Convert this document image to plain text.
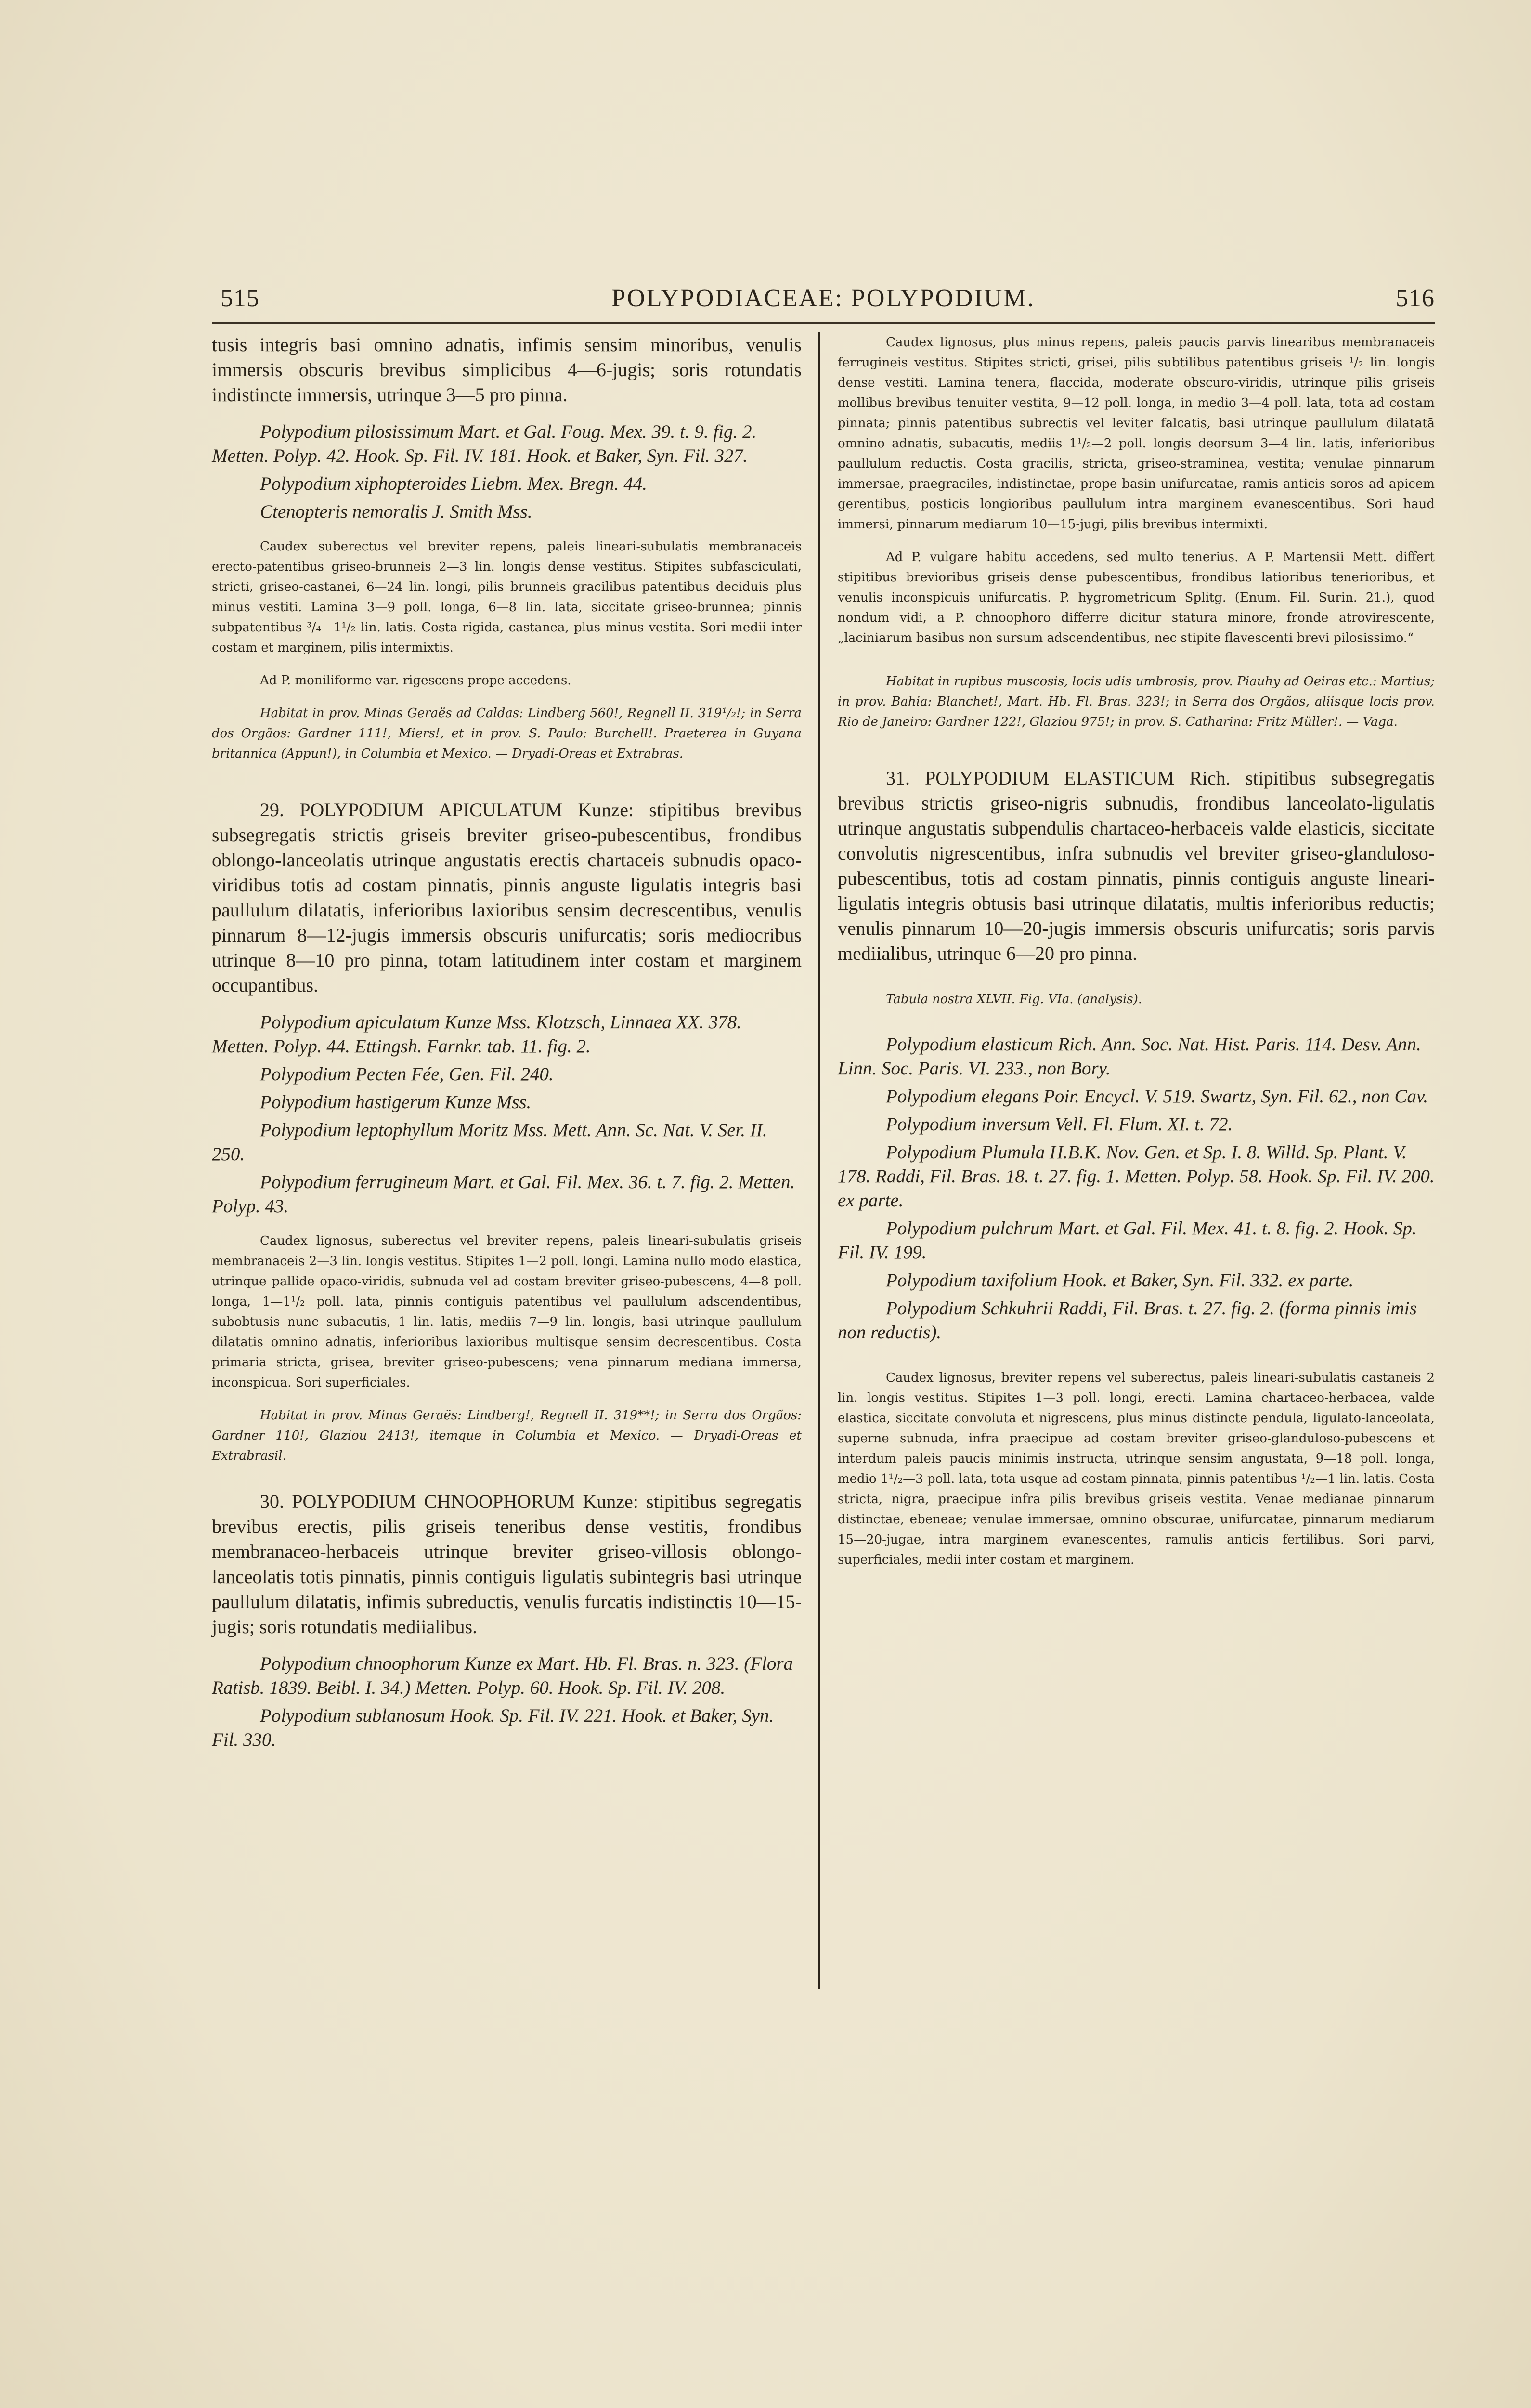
515	POLYPODIACEAE: POLYPODIUM.	516

tusis integris basi omnino adnatis, infimis sensim minoribus, venulis immersis obscuris brevibus simplicibus 4—6-jugis; soris rotundatis indistincte immersis, utrinque 3—5 pro pinna.

Polypodium pilosissimum Mart. et Gal. Foug. Mex. 39. t. 9. fig. 2. Metten. Polyp. 42. Hook. Sp. Fil. IV. 181. Hook. et Baker, Syn. Fil. 327.

Polypodium xiphopteroides Liebm. Mex. Bregn. 44.

Ctenopteris nemoralis J. Smith Mss.

Caudex suberectus vel breviter repens, paleis lineari-subulatis membranaceis erecto-patentibus griseo-brunneis 2—3 lin. longis dense vestitus. Stipites subfasciculati, stricti, griseo-castanei, 6—24 lin. longi, pilis brunneis gracilibus patentibus deciduis plus minus vestiti. Lamina 3—9 poll. longa, 6—8 lin. lata, siccitate griseo-brunnea; pinnis subpatentibus ³/₄—1¹/₂ lin. latis. Costa rigida, castanea, plus minus vestita. Sori medii inter costam et marginem, pilis intermixtis.

Ad P. moniliforme var. rigescens prope accedens.

Habitat in prov. Minas Geraës ad Caldas: Lindberg 560!, Regnell II. 319¹/₂!; in Serra dos Orgãos: Gardner 111!, Miers!, et in prov. S. Paulo: Burchell!. Praeterea in Guyana britannica (Appun!), in Columbia et Mexico. — Dryadi-Oreas et Extrabras.

29. POLYPODIUM APICULATUM Kunze: stipitibus brevibus subsegregatis strictis griseis breviter griseo-pubescentibus, frondibus oblongo-lanceolatis utrinque angustatis erectis chartaceis subnudis opaco-viridibus totis ad costam pinnatis, pinnis anguste ligulatis integris basi paullulum dilatatis, inferioribus laxioribus sensim decrescentibus, venulis pinnarum 8—12-jugis immersis obscuris unifurcatis; soris mediocribus utrinque 8—10 pro pinna, totam latitudinem inter costam et marginem occupantibus.

Polypodium apiculatum Kunze Mss. Klotzsch, Linnaea XX. 378. Metten. Polyp. 44. Ettingsh. Farnkr. tab. 11. fig. 2.

Polypodium Pecten Fée, Gen. Fil. 240.

Polypodium hastigerum Kunze Mss.

Polypodium leptophyllum Moritz Mss. Mett. Ann. Sc. Nat. V. Ser. II. 250.

Polypodium ferrugineum Mart. et Gal. Fil. Mex. 36. t. 7. fig. 2. Metten. Polyp. 43.

Caudex lignosus, suberectus vel breviter repens, paleis lineari-subulatis griseis membranaceis 2—3 lin. longis vestitus. Stipites 1—2 poll. longi. Lamina nullo modo elastica, utrinque pallide opaco-viridis, subnuda vel ad costam breviter griseo-pubescens, 4—8 poll. longa, 1—1¹/₂ poll. lata, pinnis contiguis patentibus vel paullulum adscendentibus, subobtusis nunc subacutis, 1 lin. latis, mediis 7—9 lin. longis, basi utrinque paullulum dilatatis omnino adnatis, inferioribus laxioribus multisque sensim decrescentibus. Costa primaria stricta, grisea, breviter griseo-pubescens; vena pinnarum mediana immersa, inconspicua. Sori superficiales.

Habitat in prov. Minas Geraës: Lindberg!, Regnell II. 319**!; in Serra dos Orgãos: Gardner 110!, Glaziou 2413!, itemque in Columbia et Mexico. — Dryadi-Oreas et Extrabrasil.

30. POLYPODIUM CHNOOPHORUM Kunze: stipitibus segregatis brevibus erectis, pilis griseis teneribus dense vestitis, frondibus membranaceo-herbaceis utrinque breviter griseo-villosis oblongo-lanceolatis totis pinnatis, pinnis contiguis ligulatis subintegris basi utrinque paullulum dilatatis, infimis subreductis, venulis furcatis indistinctis 10—15-jugis; soris rotundatis mediialibus.

Polypodium chnoophorum Kunze ex Mart. Hb. Fl. Bras. n. 323. (Flora Ratisb. 1839. Beibl. I. 34.) Metten. Polyp. 60. Hook. Sp. Fil. IV. 208.

Polypodium sublanosum Hook. Sp. Fil. IV. 221. Hook. et Baker, Syn. Fil. 330.

Caudex lignosus, plus minus repens, paleis paucis parvis linearibus membranaceis ferrugineis vestitus. Stipites stricti, grisei, pilis subtilibus patentibus griseis ¹/₂ lin. longis dense vestiti. Lamina tenera, flaccida, moderate obscuro-viridis, utrinque pilis griseis mollibus brevibus tenuiter vestita, 9—12 poll. longa, in medio 3—4 poll. lata, tota ad costam pinnata; pinnis patentibus subrectis vel leviter falcatis, basi utrinque paullulum dilatatā omnino adnatis, subacutis, mediis 1¹/₂—2 poll. longis deorsum 3—4 lin. latis, inferioribus paullulum reductis. Costa gracilis, stricta, griseo-straminea, vestita; venulae pinnarum immersae, praegraciles, indistinctae, prope basin unifurcatae, ramis anticis soros ad apicem gerentibus, posticis longioribus paullulum intra marginem evanescentibus. Sori haud immersi, pinnarum mediarum 10—15-jugi, pilis brevibus intermixti.

Ad P. vulgare habitu accedens, sed multo tenerius. A P. Martensii Mett. differt stipitibus brevioribus griseis dense pubescentibus, frondibus latioribus tenerioribus, et venulis inconspicuis unifurcatis. P. hygrometricum Splitg. (Enum. Fil. Surin. 21.), quod nondum vidi, a P. chnoophoro differre dicitur statura minore, fronde atrovirescente, „laciniarum basibus non sursum adscendentibus, nec stipite flavescenti brevi pilosissimo.“

Habitat in rupibus muscosis, locis udis umbrosis, prov. Piauhy ad Oeiras etc.: Martius; in prov. Bahia: Blanchet!, Mart. Hb. Fl. Bras. 323!; in Serra dos Orgãos, aliisque locis prov. Rio de Janeiro: Gardner 122!, Glaziou 975!; in prov. S. Catharina: Fritz Müller!. — Vaga.

31. POLYPODIUM ELASTICUM Rich. stipitibus subsegregatis brevibus strictis griseo-nigris subnudis, frondibus lanceolato-ligulatis utrinque angustatis subpendulis chartaceo-herbaceis valde elasticis, siccitate convolutis nigrescentibus, infra subnudis vel breviter griseo-glanduloso-pubescentibus, totis ad costam pinnatis, pinnis contiguis anguste lineari-ligulatis integris obtusis basi utrinque dilatatis, multis inferioribus reductis; venulis pinnarum 10—20-jugis immersis obscuris unifurcatis; soris parvis mediialibus, utrinque 6—20 pro pinna.

Tabula nostra XLVII. Fig. VIa. (analysis).

Polypodium elasticum Rich. Ann. Soc. Nat. Hist. Paris. 114. Desv. Ann. Linn. Soc. Paris. VI. 233., non Bory.

Polypodium elegans Poir. Encycl. V. 519. Swartz, Syn. Fil. 62., non Cav.

Polypodium inversum Vell. Fl. Flum. XI. t. 72.

Polypodium Plumula H.B.K. Nov. Gen. et Sp. I. 8. Willd. Sp. Plant. V. 178. Raddi, Fil. Bras. 18. t. 27. fig. 1. Metten. Polyp. 58. Hook. Sp. Fil. IV. 200. ex parte.

Polypodium pulchrum Mart. et Gal. Fil. Mex. 41. t. 8. fig. 2. Hook. Sp. Fil. IV. 199.

Polypodium taxifolium Hook. et Baker, Syn. Fil. 332. ex parte.

Polypodium Schkuhrii Raddi, Fil. Bras. t. 27. fig. 2. (forma pinnis imis non reductis).

Caudex lignosus, breviter repens vel suberectus, paleis lineari-subulatis castaneis 2 lin. longis vestitus. Stipites 1—3 poll. longi, erecti. Lamina chartaceo-herbacea, valde elastica, siccitate convoluta et nigrescens, plus minus distincte pendula, ligulato-lanceolata, superne subnuda, infra praecipue ad costam breviter griseo-glanduloso-pubescens et interdum paleis paucis minimis instructa, utrinque sensim angustata, 9—18 poll. longa, medio 1¹/₂—3 poll. lata, tota usque ad costam pinnata, pinnis patentibus ¹/₂—1 lin. latis. Costa stricta, nigra, praecipue infra pilis brevibus griseis vestita. Venae medianae pinnarum distinctae, ebeneae; venulae immersae, omnino obscurae, unifurcatae, pinnarum mediarum 15—20-jugae, intra marginem evanescentes, ramulis anticis fertilibus. Sori parvi, superficiales, medii inter costam et marginem.
